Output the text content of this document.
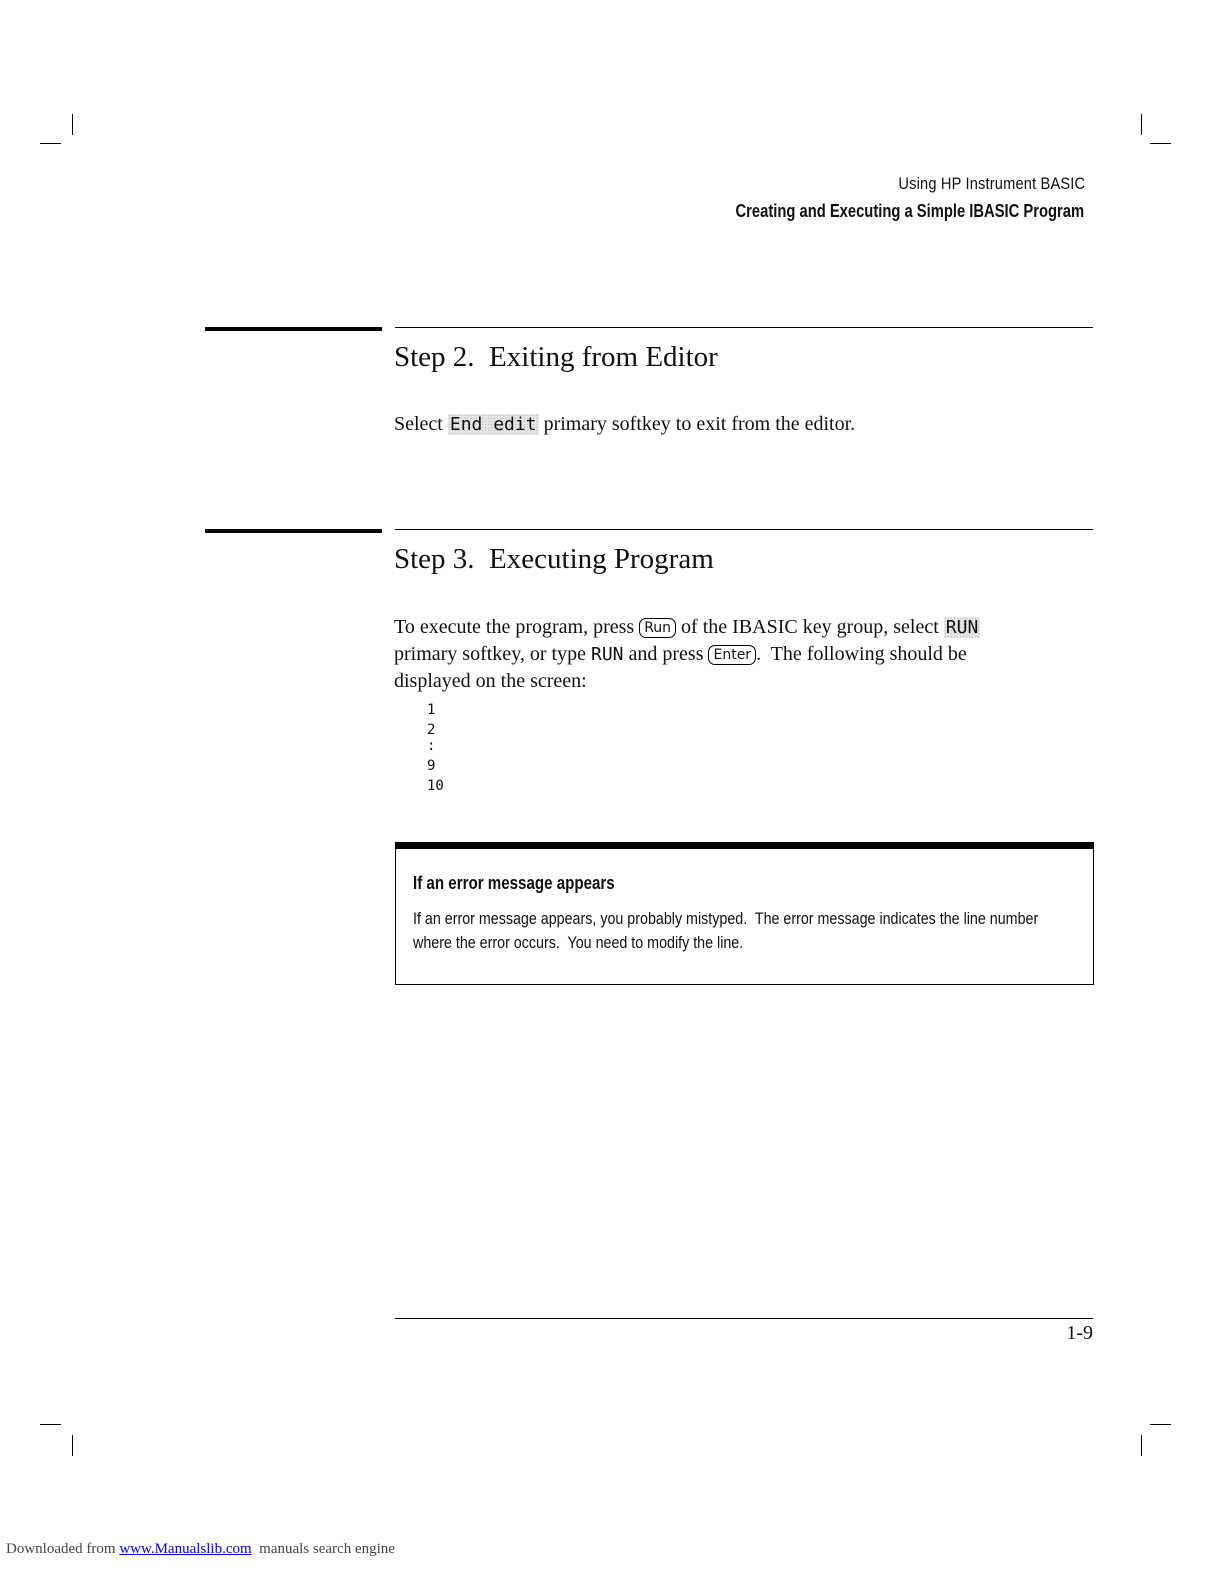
Using HP Instrument BASIC
Creating and Executing a Simple IBASIC Program
Step 2.  Exiting from Editor
Select End edit primary softkey to exit from the editor.
Step 3.  Executing Program
To execute the program, press Run of the IBASIC key group, select RUN
primary softkey, or type RUN and press Enter .  The following should be
displayed on the screen:
1
2
:
9
10
If an error message appears
If an error message appears, you probably mistyped.  The error message indicates the line number
where the error occurs.  You need to modify the line.
1-9
Downloaded from www.Manualslib.com  manuals search engine
